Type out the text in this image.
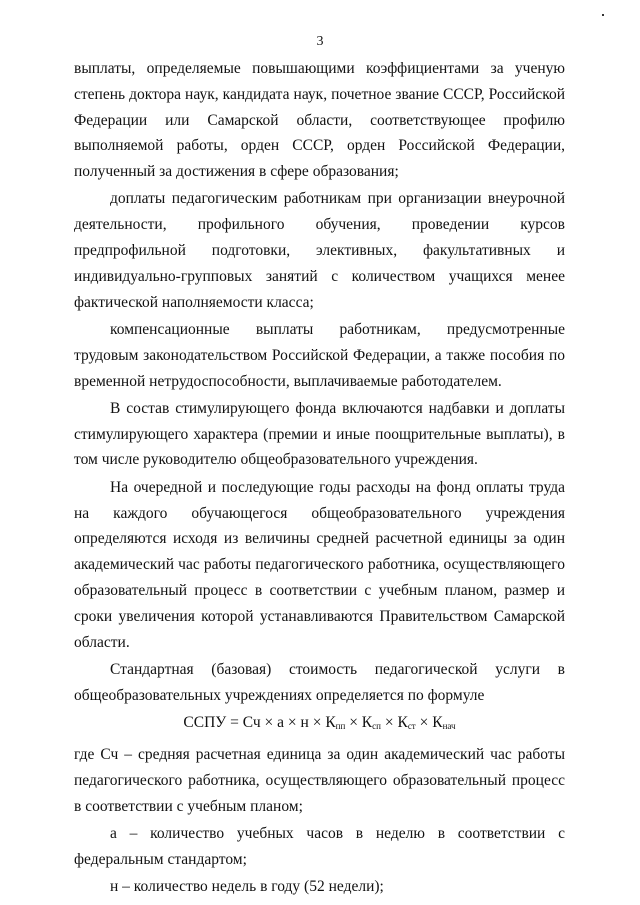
3

выплаты, определяемые повышающими коэффициентами за ученую степень доктора наук, кандидата наук, почетное звание СССР, Российской Федерации или Самарской области, соответствующее профилю выполняемой работы, орден СССР, орден Российской Федерации, полученный за достижения в сфере образования;

доплаты педагогическим работникам при организации внеурочной деятельности, профильного обучения, проведении курсов предпрофильной подготовки, элективных, факультативных и индивидуально-групповых занятий с количеством учащихся менее фактической наполняемости класса;

компенсационные выплаты работникам, предусмотренные трудовым законодательством Российской Федерации, а также пособия по временной нетрудоспособности, выплачиваемые работодателем.

В состав стимулирующего фонда включаются надбавки и доплаты стимулирующего характера (премии и иные поощрительные выплаты), в том числе руководителю общеобразовательного учреждения.

На очередной и последующие годы расходы на фонд оплаты труда на каждого обучающегося общеобразовательного учреждения определяются исходя из величины средней расчетной единицы за один академический час работы педагогического работника, осуществляющего образовательный процесс в соответствии с учебным планом, размер и сроки увеличения которой устанавливаются Правительством Самарской области.

Стандартная (базовая) стоимость педагогической услуги в общеобразовательных учреждениях определяется по формуле

ССПУ = Сч × $а \times н \times К_{пп} \times К_{сп} \times К_{ст} \times К_{нач}$

где Сч – средняя расчетная единица за один академический час работы педагогического работника, осуществляющего образовательный процесс в соответствии с учебным планом;

а – количество учебных часов в неделю в соответствии с федеральным стандартом;

н – количество недель в году (52 недели);
